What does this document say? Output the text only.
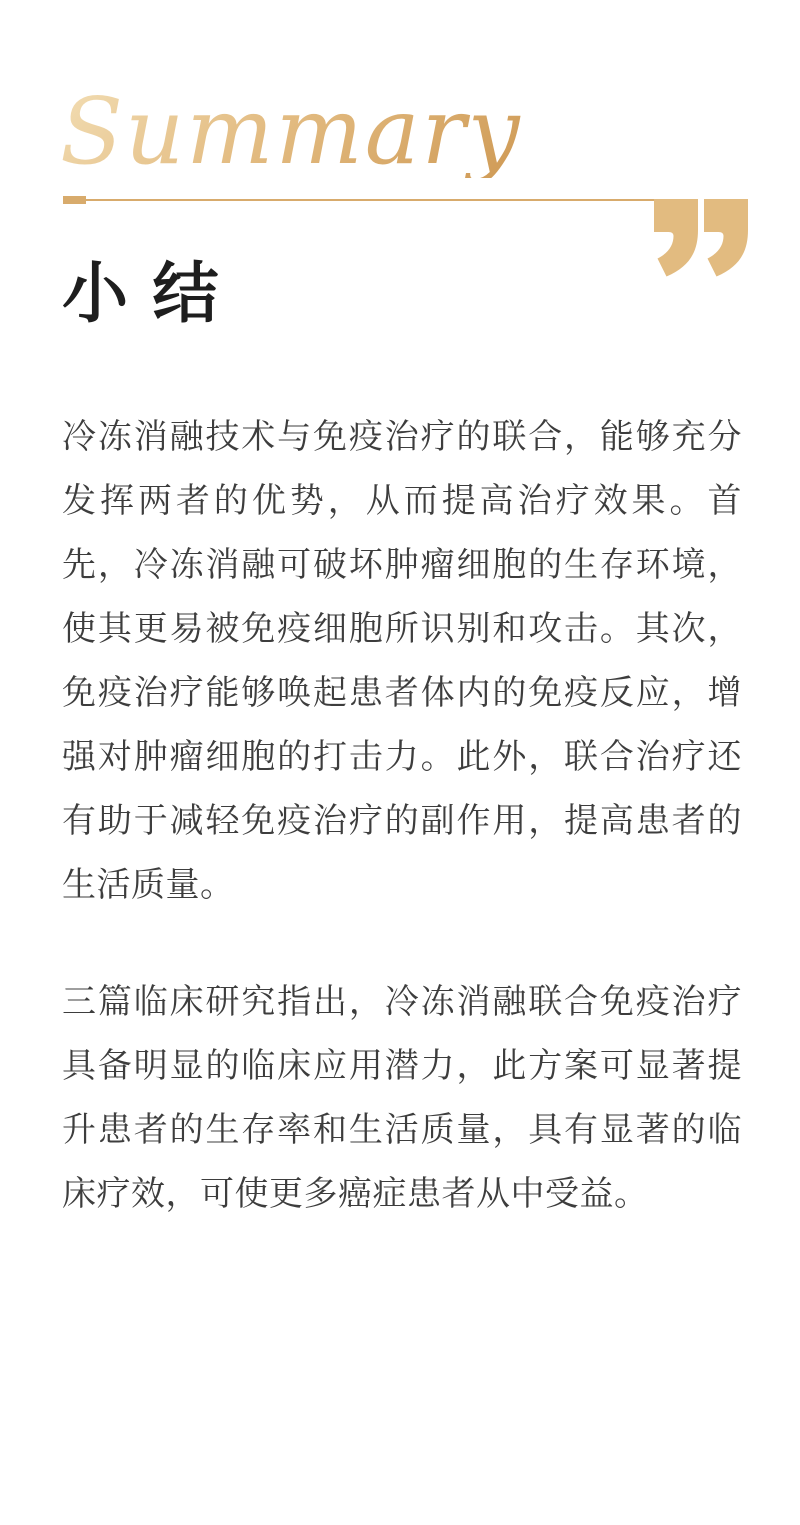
Summary
小 结

冷冻消融技术与免疫治疗的联合，能够充分发挥两者的优势，从而提高治疗效果。首先，冷冻消融可破坏肿瘤细胞的生存环境，使其更易被免疫细胞所识别和攻击。其次，免疫治疗能够唤起患者体内的免疫反应，增强对肿瘤细胞的打击力。此外，联合治疗还有助于减轻免疫治疗的副作用，提高患者的生活质量。

三篇临床研究指出，冷冻消融联合免疫治疗具备明显的临床应用潜力，此方案可显著提升患者的生存率和生活质量，具有显著的临床疗效，可使更多癌症患者从中受益。
